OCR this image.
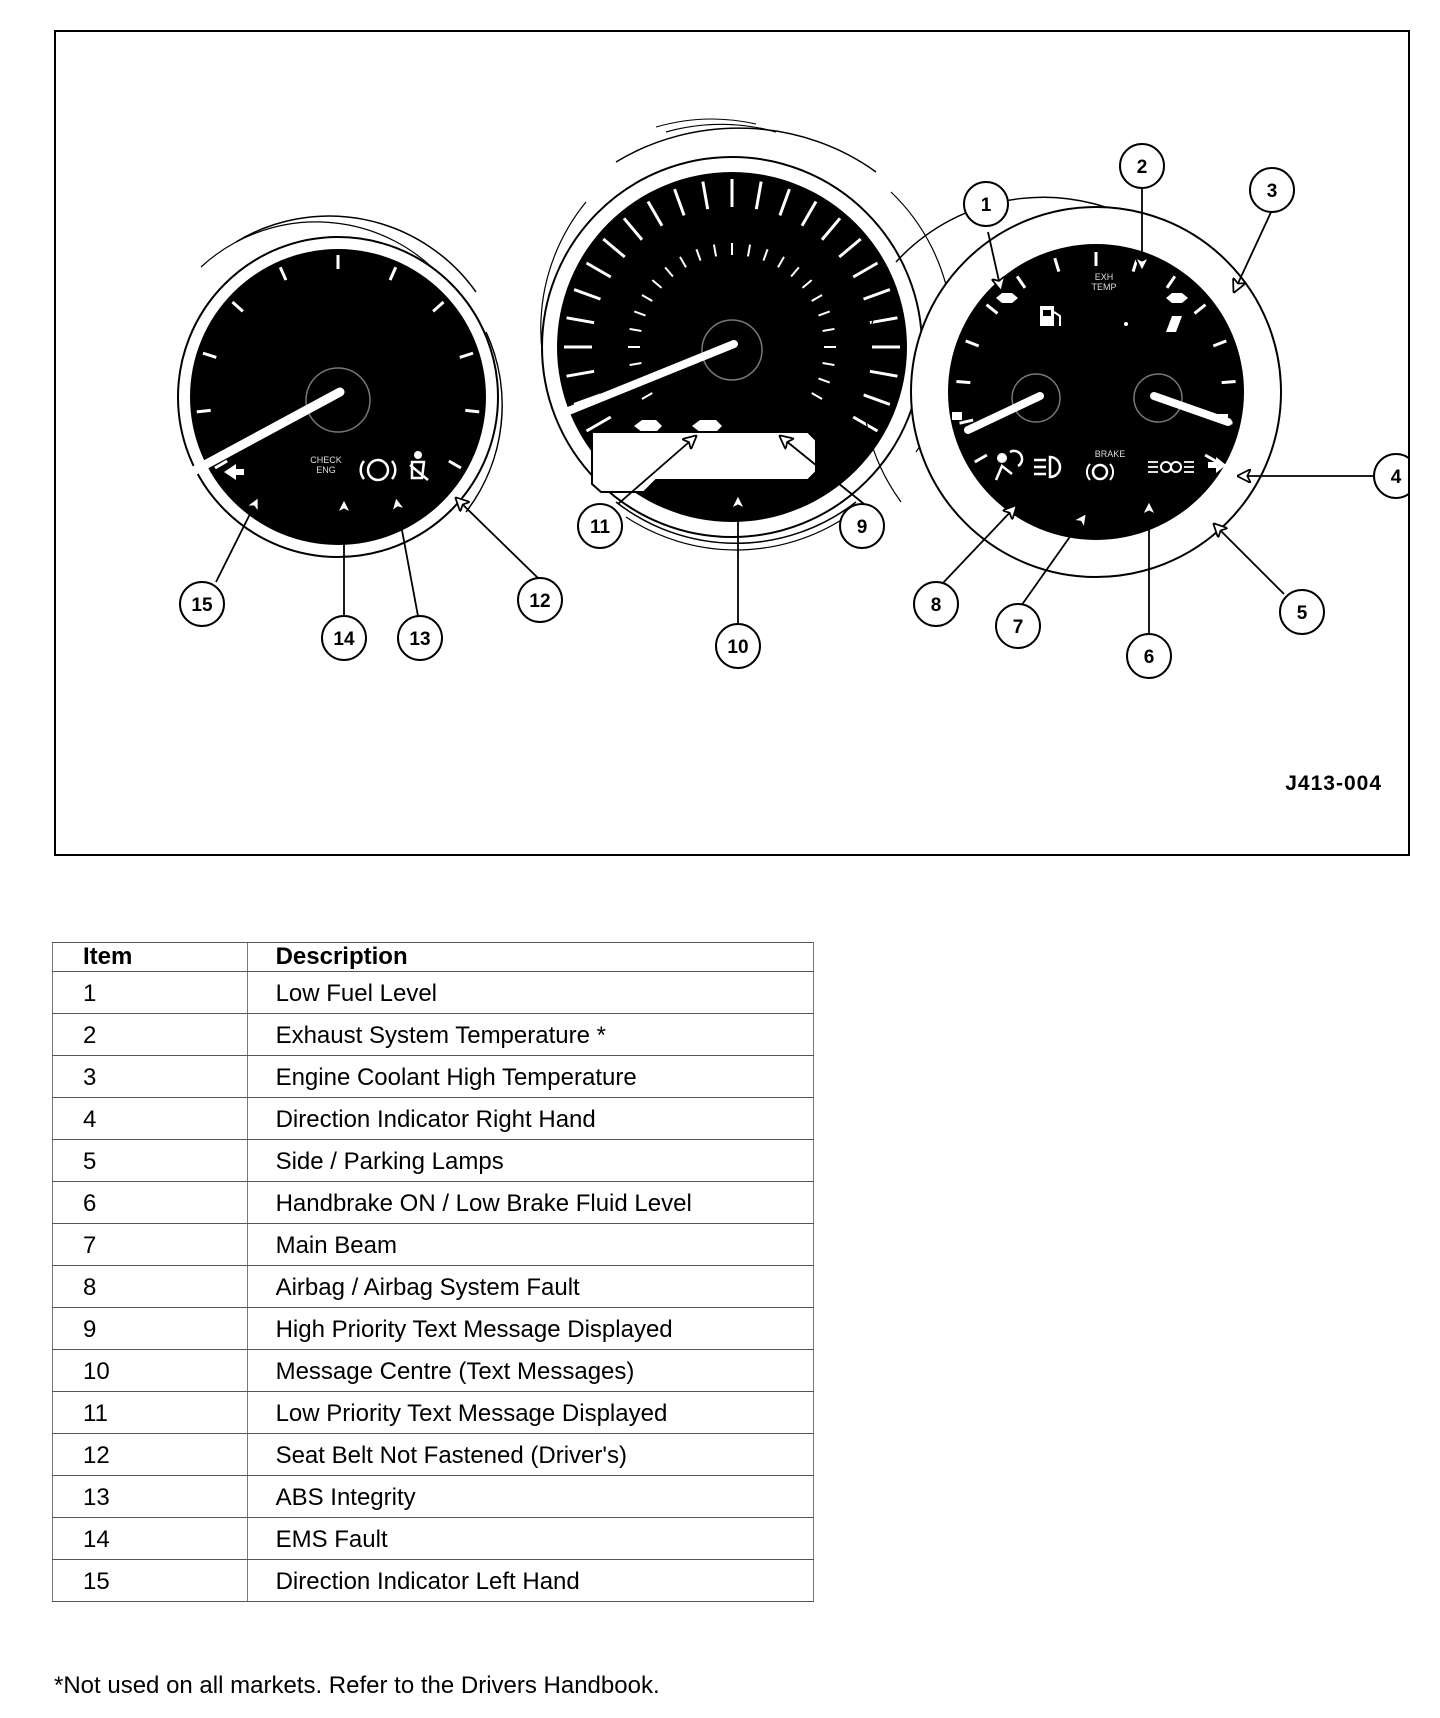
CHECK
ENG
EXH
TEMP
BRAKE
1
2
3
4
5
6
7
8
9
10
11
12
13
14
15
J413-004
Item	Description
1	Low Fuel Level
2	Exhaust System Temperature *
3	Engine Coolant High Temperature
4	Direction Indicator Right Hand
5	Side / Parking Lamps
6	Handbrake ON / Low Brake Fluid Level
7	Main Beam
8	Airbag / Airbag System Fault
9	High Priority Text Message Displayed
10	Message Centre (Text Messages)
11	Low Priority Text Message Displayed
12	Seat Belt Not Fastened (Driver's)
13	ABS Integrity
14	EMS Fault
15	Direction Indicator Left Hand
*Not used on all markets. Refer to the Drivers Handbook.
